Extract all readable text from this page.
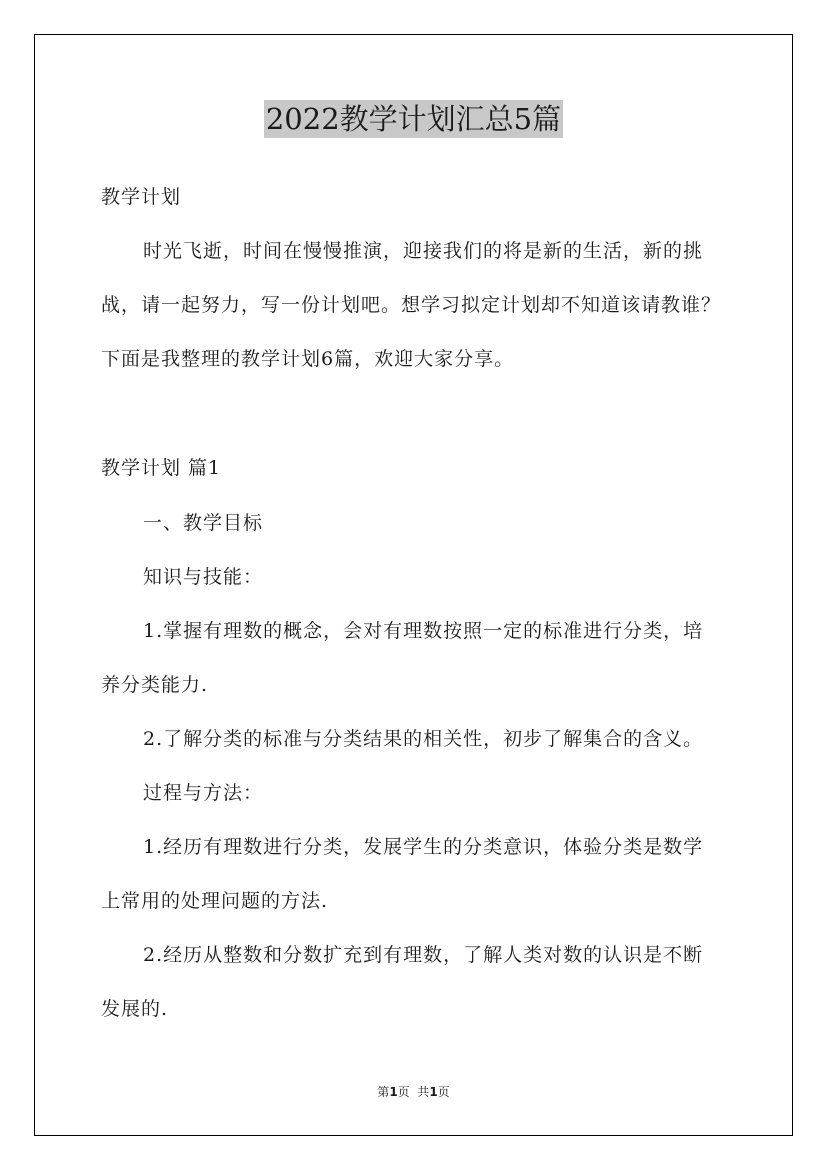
2022教学计划汇总5篇
教学计划
时光飞逝，时间在慢慢推演，迎接我们的将是新的生活，新的挑
战，请一起努力，写一份计划吧。想学习拟定计划却不知道该请教谁？
下面是我整理的教学计划6篇，欢迎大家分享。
教学计划 篇1
一、教学目标
知识与技能：
1.掌握有理数的概念，会对有理数按照一定的标准进行分类，培
养分类能力.
2.了解分类的标准与分类结果的相关性，初步了解集合的含义。
过程与方法：
1.经历有理数进行分类，发展学生的分类意识，体验分类是数学
上常用的处理问题的方法.
2.经历从整数和分数扩充到有理数，了解人类对数的认识是不断
发展的.
第1页  共1页
